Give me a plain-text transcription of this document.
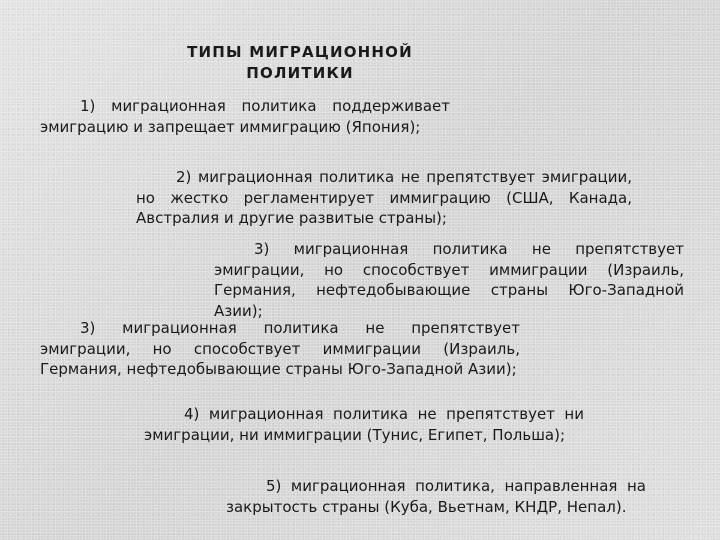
ТИПЫ МИГРАЦИОННОЙ ПОЛИТИКИ

1) миграционная политика поддерживает эмиграцию и запрещает иммиграцию (Япония);

2) миграционная политика не препятствует эмиграции, но жестко регламентирует иммиграцию (США, Канада, Австралия и другие развитые страны);

3) миграционная политика не препятствует эмиграции, но способствует иммиграции (Израиль, Германия, нефтедобывающие страны Юго-Западной Азии);

3) миграционная политика не препятствует эмиграции, но способствует иммиграции (Израиль, Германия, нефтедобывающие страны Юго-Западной Азии);

4) миграционная политика не препятствует ни эмиграции, ни иммиграции (Тунис, Египет, Польша);

5) миграционная политика, направленная на закрытость страны (Куба, Вьетнам, КНДР, Непал).
